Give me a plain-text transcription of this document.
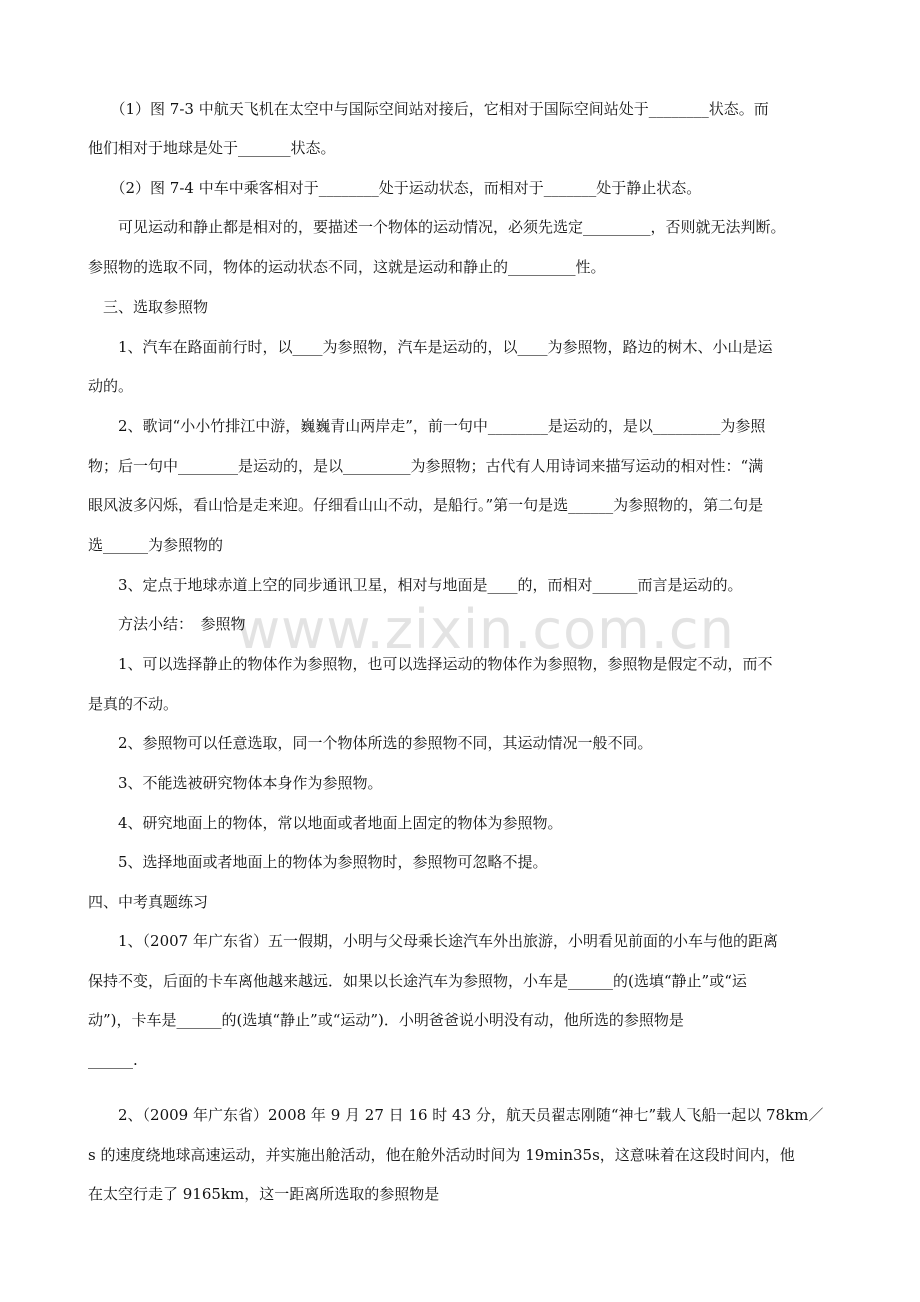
www.zixin.com.cn
　　（1）图 7-3 中航天飞机在太空中与国际空间站对接后，它相对于国际空间站处于________状态。而
他们相对于地球是处于_______状态。
　　（2）图 7-4 中车中乘客相对于________处于运动状态，而相对于_______处于静止状态。
　　可见运动和静止都是相对的，要描述一个物体的运动情况，必须先选定_________，否则就无法判断。
参照物的选取不同，物体的运动状态不同，这就是运动和静止的_________性。
　三、选取参照物
　　1、汽车在路面前行时，以____为参照物，汽车是运动的，以____为参照物，路边的树木、小山是运
动的。
　　2、歌词“小小竹排江中游，巍巍青山两岸走”，前一句中________是运动的，是以_________为参照
物；后一句中________是运动的，是以_________为参照物；古代有人用诗词来描写运动的相对性：“满
眼风波多闪烁，看山恰是走来迎。仔细看山山不动，是船行。”第一句是选______为参照物的，第二句是
选______为参照物的
　　3、定点于地球赤道上空的同步通讯卫星，相对与地面是____的，而相对______而言是运动的。
　　方法小结：　参照物
　　1、可以选择静止的物体作为参照物，也可以选择运动的物体作为参照物，参照物是假定不动，而不
是真的不动。
　　2、参照物可以任意选取，同一个物体所选的参照物不同，其运动情况一般不同。
　　3、不能选被研究物体本身作为参照物。
　　4、研究地面上的物体，常以地面或者地面上固定的物体为参照物。
　　5、选择地面或者地面上的物体为参照物时，参照物可忽略不提。
四、中考真题练习
　　1、（2007 年广东省）五一假期，小明与父母乘长途汽车外出旅游，小明看见前面的小车与他的距离
保持不变，后面的卡车离他越来越远．如果以长途汽车为参照物，小车是______的(选填“静止”或“运
动”)，卡车是______的(选填“静止”或“运动”)．小明爸爸说小明没有动，他所选的参照物是
______.
　　2、（2009 年广东省）2008 年 9 月 27 日 16 时 43 分，航天员翟志刚随“神七”载人飞船一起以 78km／
s 的速度绕地球高速运动，并实施出舱活动，他在舱外活动时间为 19min35s，这意味着在这段时间内，他
在太空行走了 9165km，这一距离所选取的参照物是
